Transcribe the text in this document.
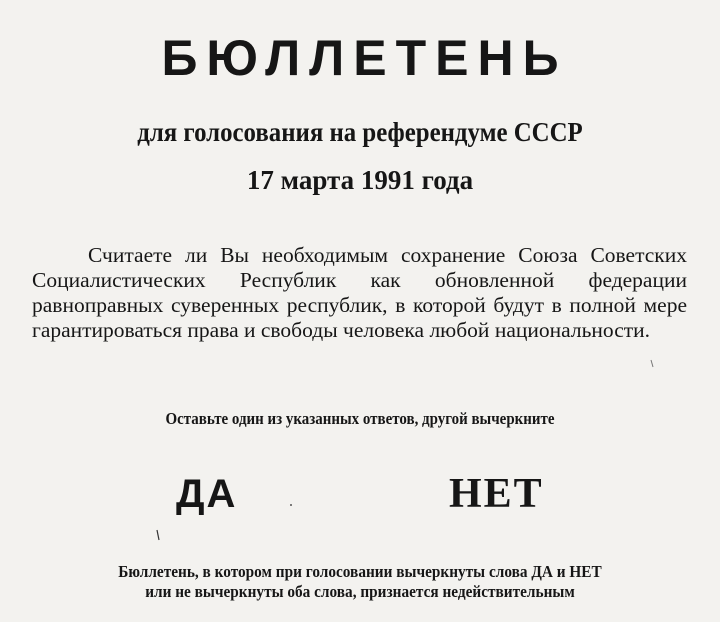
БЮЛЛЕТЕНЬ
для голосования на референдуме СССР
17 марта 1991 года
Считаете ли Вы необходимым сохранение Союза Советских Социалистических Республик как обновленной федерации равноправных суверенных республик, в которой будут в полной мере гарантироваться права и свободы человека любой национальности.
Оставьте один из указанных ответов, другой вычеркните
ДА	НЕТ
Бюллетень, в котором при голосовании вычеркнуты слова ДА и НЕТ
или не вычеркнуты оба слова, признается недействительным
